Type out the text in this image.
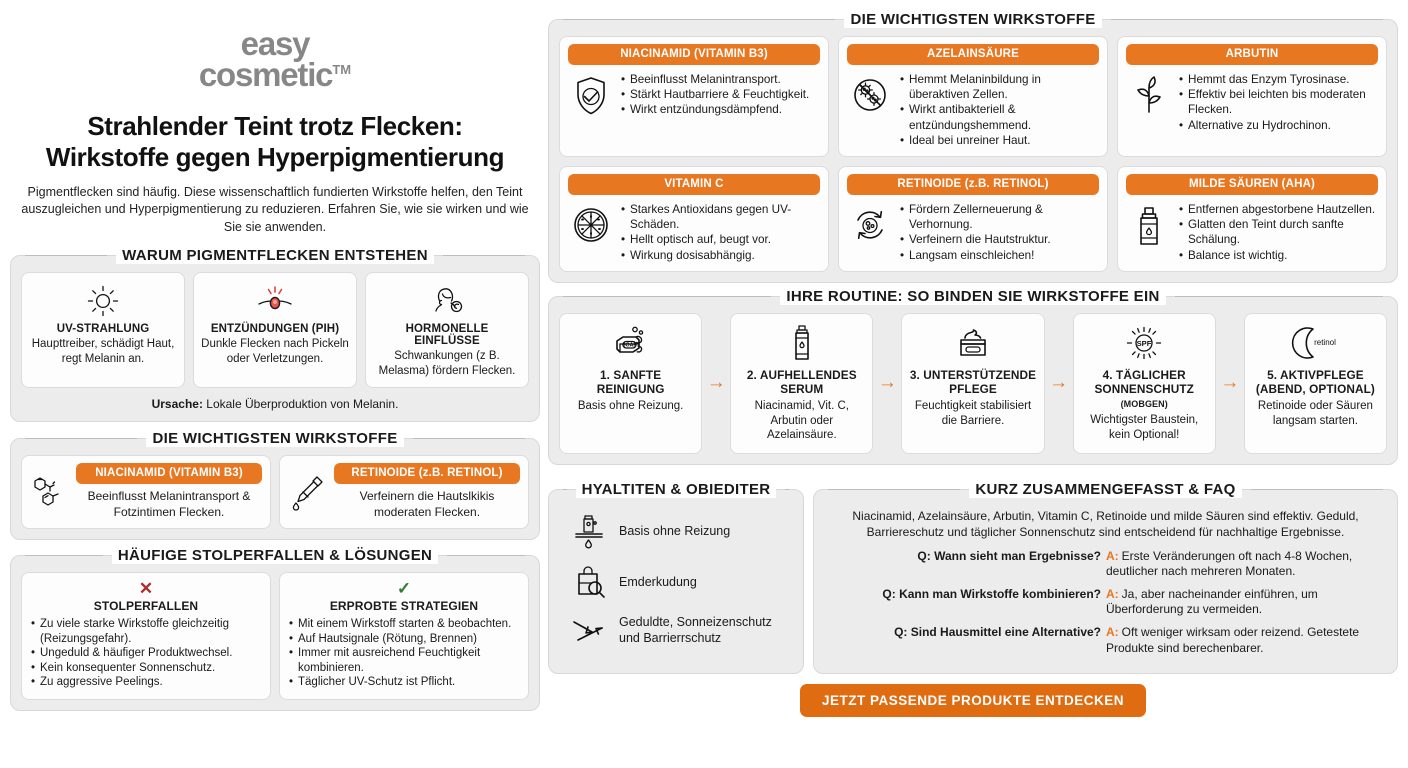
easy
cosmetic™
Strahlender Teint trotz Flecken:
Wirkstoffe gegen Hyperpigmentierung

Pigmentflecken sind häufig. Diese wissenschaftlich fundierten Wirkstoffe helfen, den Teint auszugleichen und Hyperpigmentierung zu reduzieren. Erfahren Sie, wie sie wirken und wie Sie sie anwenden.

WARUM PIGMENTFLECKEN ENTSTEHEN
UV-STRAHLUNG
Haupttreiber, schädigt Haut, regt Melanin an.
ENTZÜNDUNGEN (PIH)
Dunkle Flecken nach Pickeln oder Verletzungen.
HORMONELLE EINFLÜSSE
Schwankungen (ᴢ B. Melasma) fördern Flecken.
Ursache: Lokale Überproduktion von Melanin.
DIE WICHTIGSTEN WIRKSTOFFE
NIACINAMID (VITAMIN B3)
Beeinflusst Melanintransport & Fotzintimen Flecken.
RETINOIDE (z.B. RETINOL)
Verfeinern die Hautslkikis moderaten Flecken.
HÄUFIGE STOLPERFALLEN & LÖSUNGEN
✕
STOLPERFALLEN
• Zu viele starke Wirkstoffe gleichzeitig (Reizungsgefahr).
• Ungeduld & häufiger Produktwechsel.
• Kein konsequenter Sonnenschutz.
• Zu aggressive Peelings.
✓
ERPROBTE STRATEGIEN
• Mit einem Wirkstoff starten & beobachten.
• Auf Hautsignale (Rötung, Brennen)
• Immer mit ausreichend Feuchtigkeit kombinieren.
• Täglicher UV-Schutz ist Pflicht.
DIE WICHTIGSTEN WIRKSTOFFE
NIACINAMID (VITAMIN B3)
• Beeinflusst Melanintransport.
• Stärkt Hautbarriere & Feuchtigkeit.
• Wirkt entzündungsdämpfend.
AZELAINSÄURE
• Hemmt Melaninbildung in überaktiven Zellen.
• Wirkt antibakteriell & entzündungshemmend.
• Ideal bei unreiner Haut.
ARBUTIN
• Hemmt das Enzym Tyrosinase.
• Effektiv bei leichten bis moderaten Flecken.
• Alternative zu Hydrochinon.
VITAMIN C
• Starkes Antioxidans gegen UV-Schäden.
• Hellt optisch auf, beugt vor.
• Wirkung dosisabhängig.
RETINOIDE (z.B. RETINOL)
• Fördern Zellerneuerung & Verhornung.
• Verfeinern die Hautstruktur.
• Langsam einschleichen!
MILDE SÄUREN (AHA)
• Entfernen abgestorbene Hautzellen.
• Glatten den Teint durch sanfte Schälung.
• Balance ist wichtig.
IHRE ROUTINE: SO BINDEN SIE WIRKSTOFFE EIN
SOAP
1. SANFTE
REINIGUNG
Basis ohne Reizung.
→	2. AUFHELLENDES
SERUM
Niacinamid, Vit. C, Arbutin oder Azelainsäure.
→	3. UNTERSTÜTZENDE
PFLEGE
Feuchtigkeit stabilisiert die Barriere.
→
SPF
4. TÄGLICHER
SONNENSCHUTZ (MOBGEN)
Wichtigster Baustein, kein Optional!
→
retinol
5. AKTIVPFLEGE
(ABEND, OPTIONAL)
Retinoide oder Säuren langsam starten.
HYALTITEN & OBIEDITER
Basis ohne Reizung
Emderkudung
Geduldte, Sonneizenschutz und Barrierrschutz
KURZ ZUSAMMENGEFASST & FAQ
Niacinamid, Azelainsäure, Arbutin, Vitamin C, Retinoide und milde Säuren sind effektiv. Geduld, Barriereschutz und täglicher Sonnenschutz sind entscheidend für nachhaltige Ergebnisse.
Q: Wann sieht man Ergebnisse? A: Erste Veränderungen oft nach 4-8 Wochen, deutlicher nach mehreren Monaten.
Q: Kann man Wirkstoffe kombinieren? A: Ja, aber nacheinander einführen, um Überforderung zu vermeiden.
Q: Sind Hausmittel eine Alternative? A: Oft weniger wirksam oder reizend. Getestete Produkte sind berechenbarer.
JETZT PASSENDE PRODUKTE ENTDECKEN
